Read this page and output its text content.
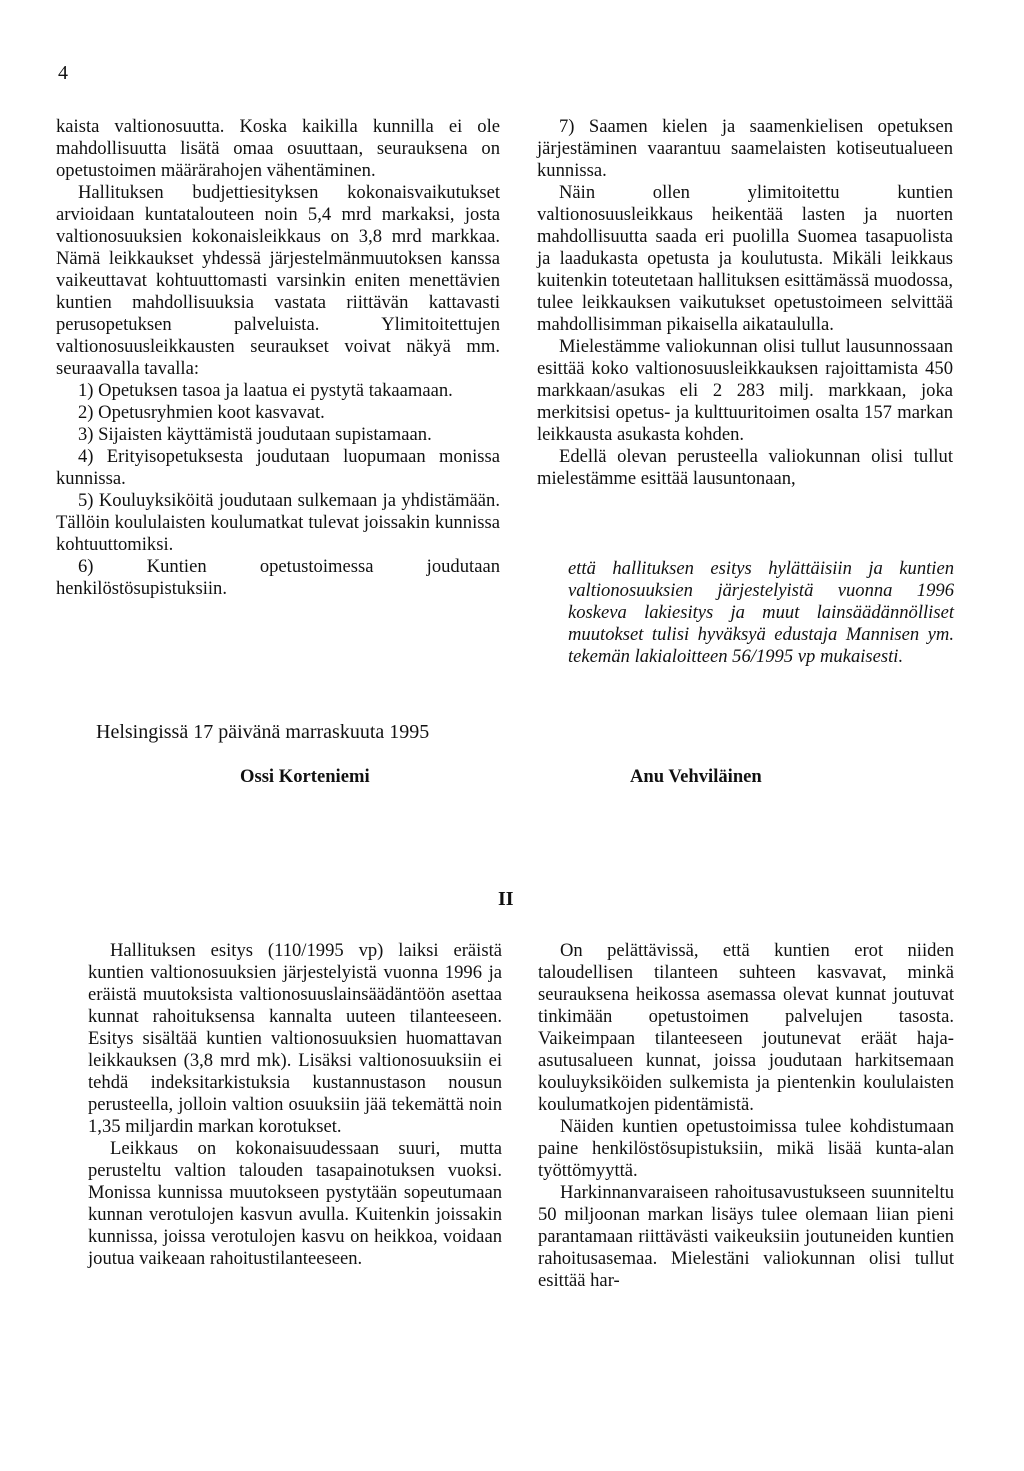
4

kaista valtionosuutta. Koska kaikilla kunnilla ei ole mahdollisuutta lisätä omaa osuuttaan, seurauksena on opetustoimen määrärahojen vähentäminen.

Hallituksen budjettiesityksen kokonaisvaikutukset arvioidaan kuntatalouteen noin 5,4 mrd markaksi, josta valtionosuuksien kokonaisleikkaus on 3,8 mrd markkaa. Nämä leikkaukset yhdessä järjestelmänmuutoksen kanssa vaikeuttavat kohtuuttomasti varsinkin eniten menettävien kuntien mahdollisuuksia vastata riittävän kattavasti perusopetuksen palveluista. Ylimitoitettujen valtionosuusleikkausten seuraukset voivat näkyä mm. seuraavalla tavalla:

1) Opetuksen tasoa ja laatua ei pystytä takaamaan.

2) Opetusryhmien koot kasvavat.

3) Sijaisten käyttämistä joudutaan supistamaan.

4) Erityisopetuksesta joudutaan luopumaan monissa kunnissa.

5) Kouluyksiköitä joudutaan sulkemaan ja yhdistämään. Tällöin koululaisten koulumatkat tulevat joissakin kunnissa kohtuuttomiksi.

6) Kuntien opetustoimessa joudutaan henkilöstösupistuksiin.

7) Saamen kielen ja saamenkielisen opetuksen järjestäminen vaarantuu saamelaisten kotiseutualueen kunnissa.

Näin ollen ylimitoitettu kuntien valtionosuusleikkaus heikentää lasten ja nuorten mahdollisuutta saada eri puolilla Suomea tasapuolista ja laadukasta opetusta ja koulutusta. Mikäli leikkaus kuitenkin toteutetaan hallituksen esittämässä muodossa, tulee leikkauksen vaikutukset opetustoimeen selvittää mahdollisimman pikaisella aikataululla.

Mielestämme valiokunnan olisi tullut lausunnossaan esittää koko valtionosuusleikkauksen rajoittamista 450 markkaan/asukas eli 2 283 milj. markkaan, joka merkitsisi opetus- ja kulttuuritoimen osalta 157 markan leikkausta asukasta kohden.

Edellä olevan perusteella valiokunnan olisi tullut mielestämme esittää lausuntonaan,

että hallituksen esitys hylättäisiin ja kuntien valtionosuuksien järjestelyistä vuonna 1996 koskeva lakiesitys ja muut lainsäädännölliset muutokset tulisi hyväksyä edustaja Mannisen ym. tekemän lakialoitteen 56/1995 vp mukaisesti.
Helsingissä 17 päivänä marraskuuta 1995
Ossi Korteniemi	Anu Vehviläinen
II

Hallituksen esitys (110/1995 vp) laiksi eräistä kuntien valtionosuuksien järjestelyistä vuonna 1996 ja eräistä muutoksista valtionosuuslainsäädäntöön asettaa kunnat rahoituksensa kannalta uuteen tilanteeseen. Esitys sisältää kuntien valtionosuuksien huomattavan leikkauksen (3,8 mrd mk). Lisäksi valtionosuuksiin ei tehdä indeksitarkistuksia kustannustason nousun perusteella, jolloin valtion osuuksiin jää tekemättä noin 1,35 miljardin markan korotukset.

Leikkaus on kokonaisuudessaan suuri, mutta perusteltu valtion talouden tasapainotuksen vuoksi. Monissa kunnissa muutokseen pystytään sopeutumaan kunnan verotulojen kasvun avulla. Kuitenkin joissakin kunnissa, joissa verotulojen kasvu on heikkoa, voidaan joutua vaikeaan rahoitustilanteeseen.

On pelättävissä, että kuntien erot niiden taloudellisen tilanteen suhteen kasvavat, minkä seurauksena heikossa asemassa olevat kunnat joutuvat tinkimään opetustoimen palvelujen tasosta. Vaikeimpaan tilanteeseen joutunevat eräät haja-asutusalueen kunnat, joissa joudutaan harkitsemaan kouluyksiköiden sulkemista ja pientenkin koululaisten koulumatkojen pidentämistä.

Näiden kuntien opetustoimissa tulee kohdistumaan paine henkilöstösupistuksiin, mikä lisää kunta-alan työttömyyttä.

Harkinnanvaraiseen rahoitusavustukseen suunniteltu 50 miljoonan markan lisäys tulee olemaan liian pieni parantamaan riittävästi vaikeuksiin joutuneiden kuntien rahoitusasemaa. Mielestäni valiokunnan olisi tullut esittää har-
